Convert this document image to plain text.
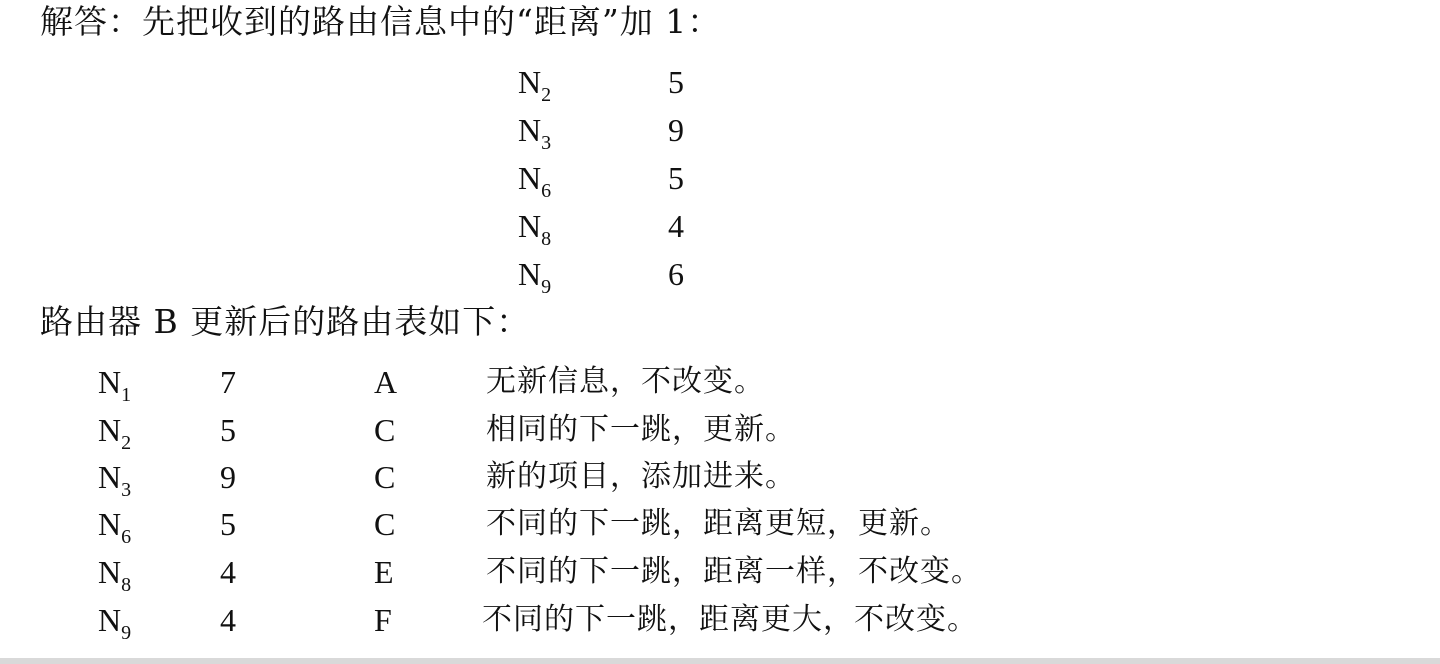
解答：先把收到的路由信息中的“距离”加 1：
$N_2$	5
$N_3$	9
$N_6$	5
$N_8$	4
$N_9$	6
路由器 B 更新后的路由表如下：
$N_1$	7	A	无新信息，不改变。
$N_2$	5	C	相同的下一跳，更新。
$N_3$	9	C	新的项目，添加进来。
$N_6$	5	C	不同的下一跳，距离更短，更新。
$N_8$	4	E	不同的下一跳，距离一样，不改变。
$N_9$	4	F	不同的下一跳，距离更大，不改变。
